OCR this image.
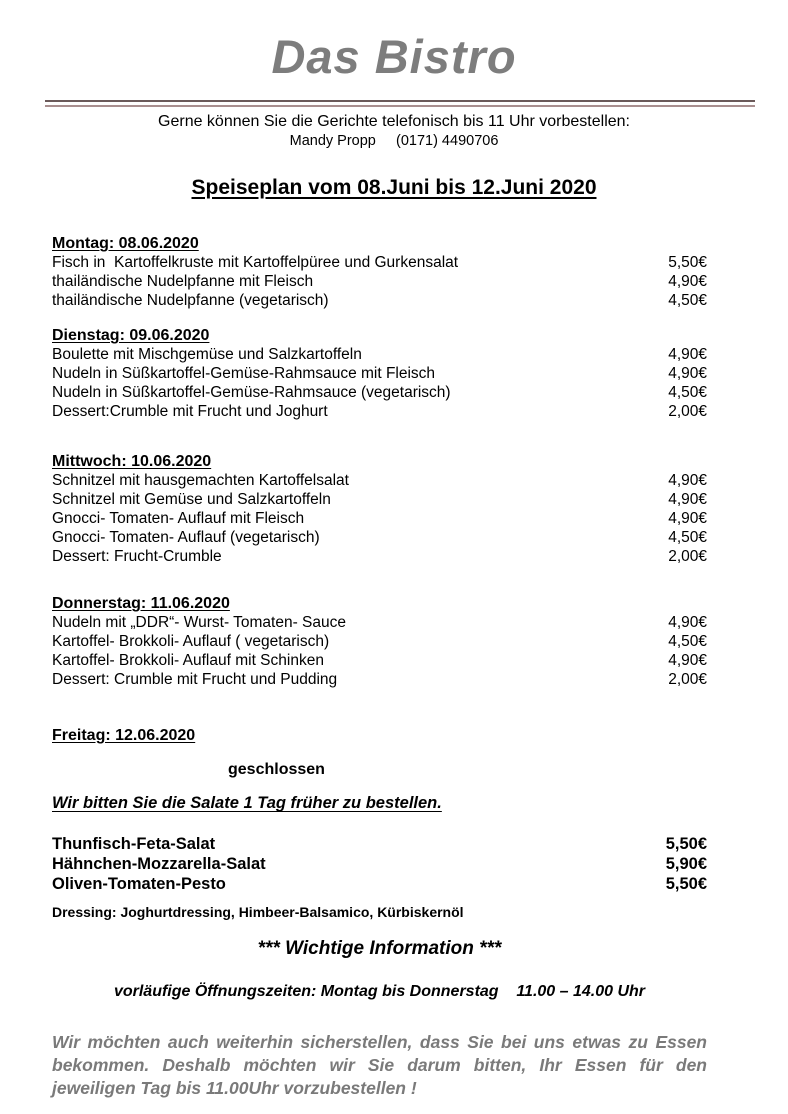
Das Bistro

Gerne können Sie die Gerichte telefonisch bis 11 Uhr vorbestellen:

Mandy Propp     (0171) 4490706

Speiseplan vom 08.Juni bis 12.Juni 2020
Montag: 08.06.2020
Fisch in  Kartoffelkruste mit Kartoffelpüree und Gurkensalat	5,50€
thailändische Nudelpfanne mit Fleisch	4,90€
thailändische Nudelpfanne (vegetarisch)	4,50€
Dienstag: 09.06.2020
Boulette mit Mischgemüse und Salzkartoffeln	4,90€
Nudeln in Süßkartoffel-Gemüse-Rahmsauce mit Fleisch	4,90€
Nudeln in Süßkartoffel-Gemüse-Rahmsauce (vegetarisch)	4,50€
Dessert:Crumble mit Frucht und Joghurt	2,00€
Mittwoch: 10.06.2020
Schnitzel mit hausgemachten Kartoffelsalat	4,90€
Schnitzel mit Gemüse und Salzkartoffeln	4,90€
Gnocci- Tomaten- Auflauf mit Fleisch	4,90€
Gnocci- Tomaten- Auflauf (vegetarisch)	4,50€
Dessert: Frucht-Crumble	2,00€
Donnerstag: 11.06.2020
Nudeln mit „DDR“- Wurst- Tomaten- Sauce	4,90€
Kartoffel- Brokkoli- Auflauf ( vegetarisch)	4,50€
Kartoffel- Brokkoli- Auflauf mit Schinken	4,90€
Dessert: Crumble mit Frucht und Pudding	2,00€
Freitag: 12.06.2020
geschlossen
Wir bitten Sie die Salate 1 Tag früher zu bestellen.
Thunfisch-Feta-Salat	5,50€
Hähnchen-Mozzarella-Salat	5,90€
Oliven-Tomaten-Pesto	5,50€
Dressing: Joghurtdressing, Himbeer-Balsamico, Kürbiskernöl
*** Wichtige Information ***
vorläufige Öffnungszeiten: Montag bis Donnerstag    11.00 – 14.00 Uhr

Wir möchten auch weiterhin sicherstellen, dass Sie bei uns etwas zu Essen bekommen. Deshalb möchten wir Sie darum bitten, Ihr Essen für den jeweiligen Tag bis 11.00Uhr vorzubestellen !
